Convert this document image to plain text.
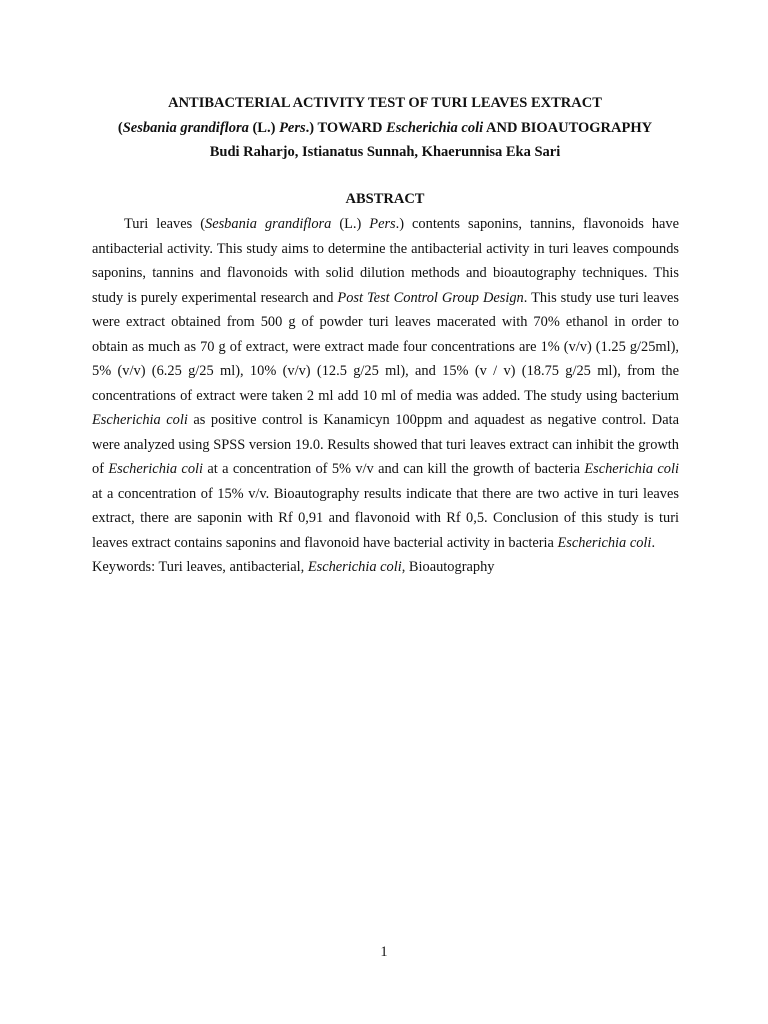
ANTIBACTERIAL ACTIVITY TEST OF TURI LEAVES EXTRACT
(Sesbania grandiflora (L.) Pers.) TOWARD Escherichia coli AND BIOAUTOGRAPHY
Budi Raharjo, Istianatus Sunnah, Khaerunnisa Eka Sari
ABSTRACT

Turi leaves (Sesbania grandiflora (L.) Pers.) contents saponins, tannins, flavonoids have antibacterial activity. This study aims to determine the antibacterial activity in turi leaves compounds saponins, tannins and flavonoids with solid dilution methods and bioautography techniques. This study is purely experimental research and Post Test Control Group Design. This study use turi leaves were extract obtained from 500 g of powder turi leaves macerated with 70% ethanol in order to obtain as much as 70 g of extract, were extract made four concentrations are 1% (v/v) (1.25 g/25ml), 5% (v/v) (6.25 g/25 ml), 10% (v/v) (12.5 g/25 ml), and 15% (v / v) (18.75 g/25 ml), from the concentrations of extract were taken 2 ml add 10 ml of media was added. The study using bacterium Escherichia coli as positive control is Kanamicyn 100ppm and aquadest as negative control. Data were analyzed using SPSS version 19.0. Results showed that turi leaves extract can inhibit the growth of Escherichia coli at a concentration of 5% v/v and can kill the growth of bacteria Escherichia coli at a concentration of 15% v/v. Bioautography results indicate that there are two active in turi leaves extract, there are saponin with Rf 0,91 and flavonoid with Rf 0,5. Conclusion of this study is turi leaves extract contains saponins and flavonoid have bacterial activity in bacteria Escherichia coli.

Keywords: Turi leaves, antibacterial, Escherichia coli, Bioautography

1
